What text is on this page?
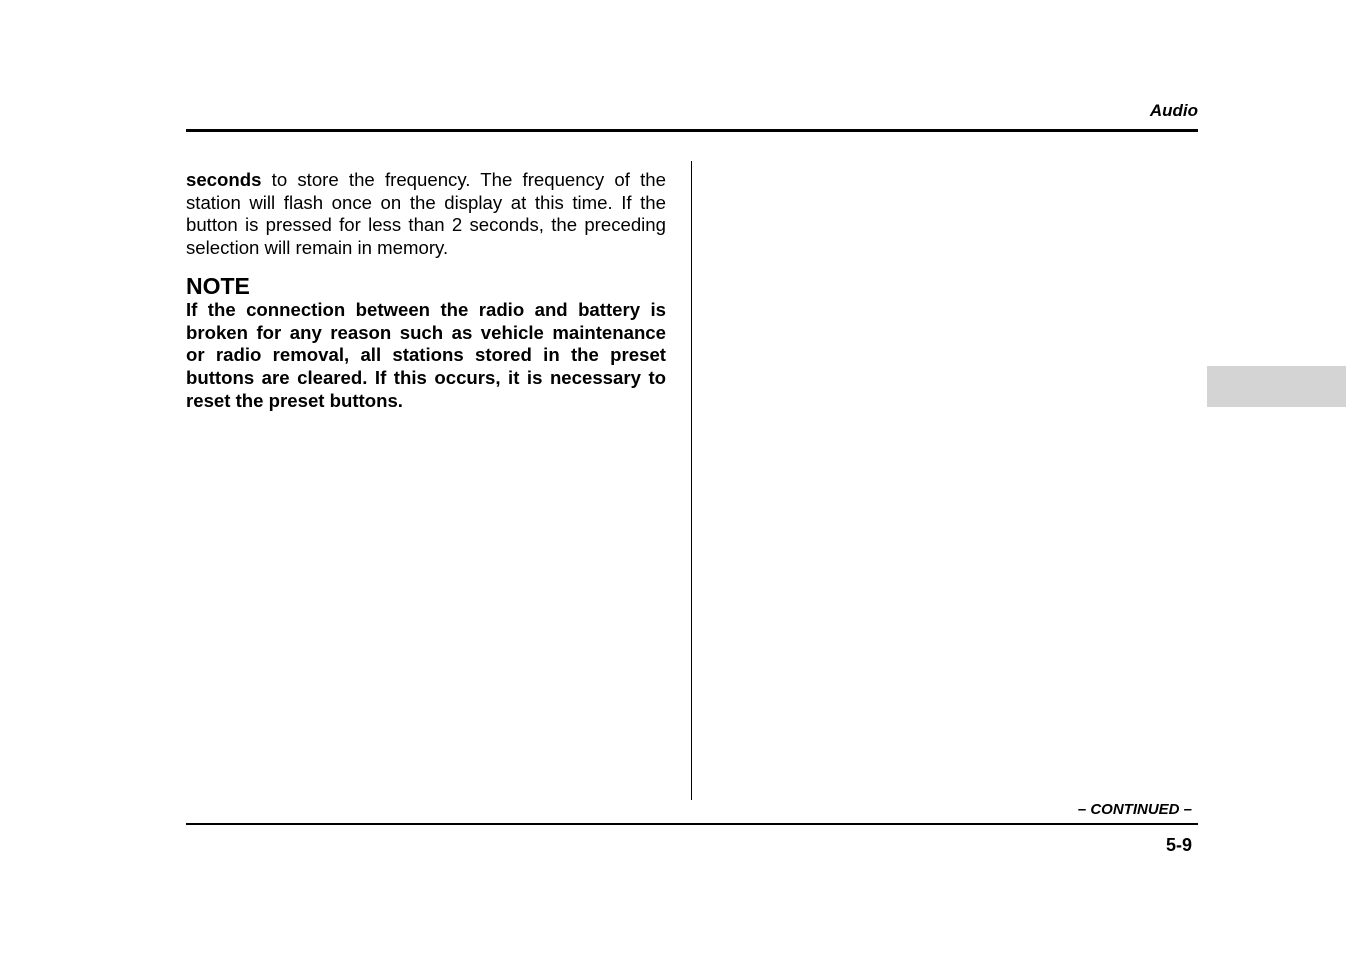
Audio

seconds to store the frequency. The frequency of the station will flash once on the display at this time. If the button is pressed for less than 2 seconds, the preceding selection will remain in memory.

NOTE

If the connection between the radio and battery is broken for any reason such as vehicle maintenance or radio removal, all stations stored in the preset buttons are cleared. If this occurs, it is necessary to reset the preset buttons.

– CONTINUED –
5-9
